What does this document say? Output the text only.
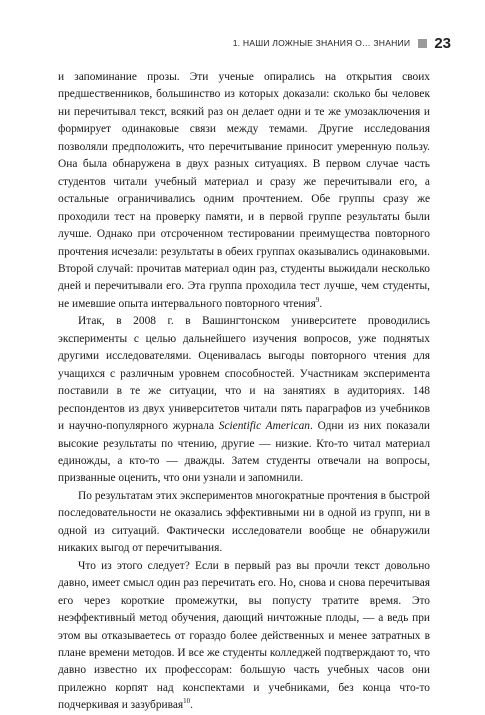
1. НАШИ ЛОЖНЫЕ ЗНАНИЯ О… ЗНАНИИ 23

и запоминание прозы. Эти ученые опирались на открытия своих предшественников, большинство из которых доказали: сколько бы человек ни перечитывал текст, всякий раз он делает одни и те же умозаключения и формирует одинаковые связи между темами. Другие исследования позволяли предположить, что перечитывание приносит умеренную пользу. Она была обнаружена в двух разных ситуациях. В первом случае часть студентов читали учебный материал и сразу же перечитывали его, а остальные ограничивались одним прочтением. Обе группы сразу же проходили тест на проверку памяти, и в первой группе результаты были лучше. Однако при отсроченном тестировании преимущества повторного прочтения исчезали: результаты в обеих группах оказывались одинаковыми. Второй случай: прочитав материал один раз, студенты выжидали несколько дней и перечитывали его. Эта группа проходила тест лучше, чем студенты, не имевшие опыта интервального повторного чтения$^9$.

Итак, в 2008 г. в Вашингтонском университете проводились эксперименты с целью дальнейшего изучения вопросов, уже поднятых другими исследователями. Оценивалась выгоды повторного чтения для учащихся с различным уровнем способностей. Участникам эксперимента поставили в те же ситуации, что и на занятиях в аудиториях. 148 респондентов из двух университетов читали пять параграфов из учебников и научно-популярного журнала Scientific American. Одни из них показали высокие результаты по чтению, другие — низкие. Кто-то читал материал единожды, а кто-то — дважды. Затем студенты отвечали на вопросы, призванные оценить, что они узнали и запомнили.

По результатам этих экспериментов многократные прочтения в быстрой последовательности не оказались эффективными ни в одной из групп, ни в одной из ситуаций. Фактически исследователи вообще не обнаружили никаких выгод от перечитывания.

Что из этого следует? Если в первый раз вы прочли текст довольно давно, имеет смысл один раз перечитать его. Но, снова и снова перечитывая его через короткие промежутки, вы попусту тратите время. Это неэффективный метод обучения, дающий ничтожные плоды, — а ведь при этом вы отказываетесь от гораздо более действенных и менее затратных в плане времени методов. И все же студенты колледжей подтверждают то, что давно известно их профессорам: большую часть учебных часов они прилежно корпят над конспектами и учебниками, без конца что-то подчеркивая и зазубривая$^{10}$.
